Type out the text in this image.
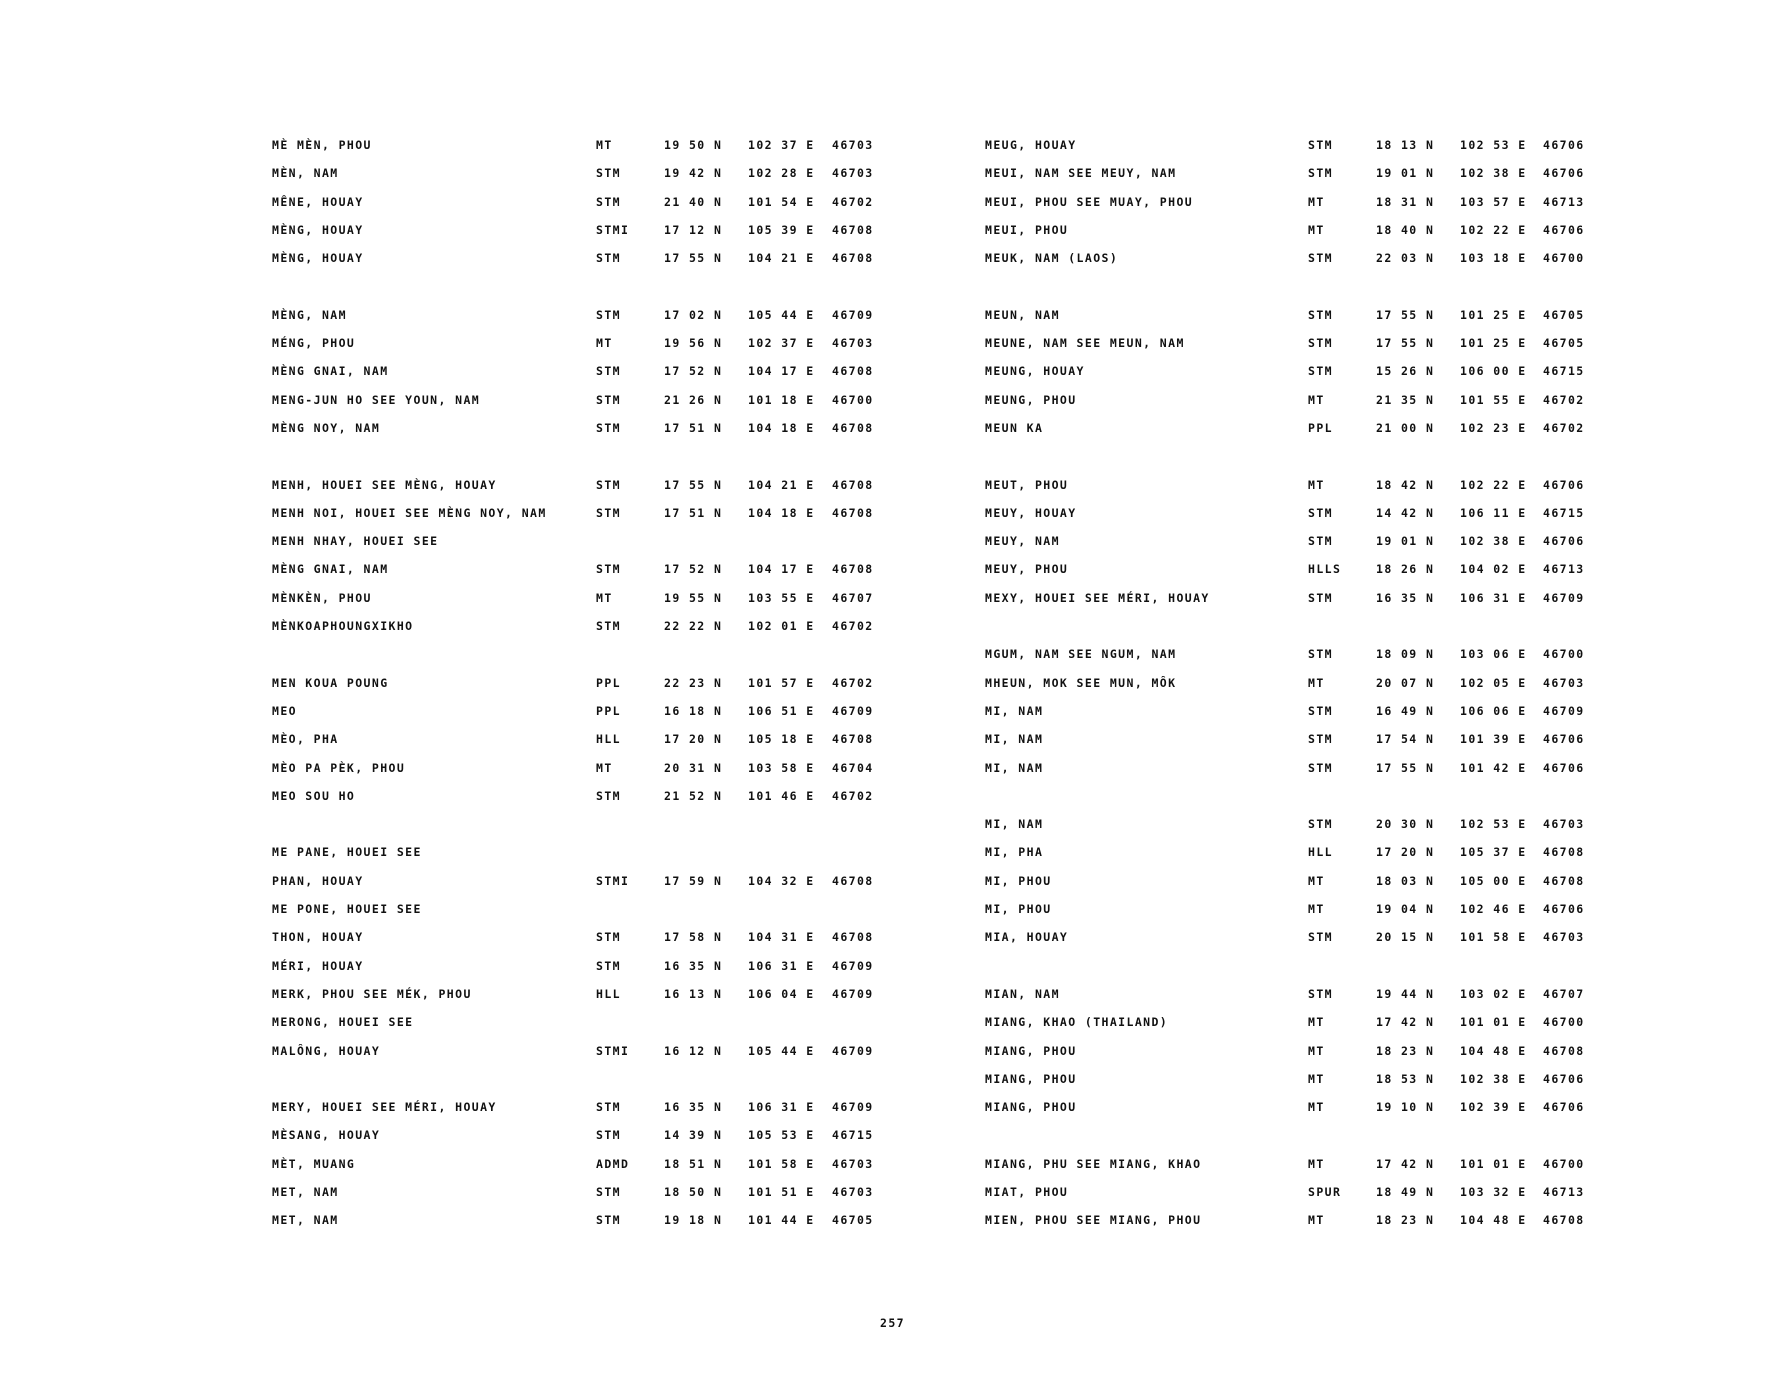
MÈ MÈN, PHOU	MT	19 50 N 102 37 E 46703
MÈN, NAM	STM	19 42 N 102 28 E 46703
MÊNE, HOUAY	STM	21 40 N 101 54 E 46702
MÈNG, HOUAY	STMI	17 12 N 105 39 E 46708
MÈNG, HOUAY	STM	17 55 N 104 21 E 46708
MÈNG, NAM	STM	17 02 N 105 44 E 46709
MÉNG, PHOU	MT	19 56 N 102 37 E 46703
MÈNG GNAI, NAM	STM	17 52 N 104 17 E 46708
MENG-JUN HO SEE YOUN, NAM	STM	21 26 N 101 18 E 46700
MÈNG NOY, NAM	STM	17 51 N 104 18 E 46708
MENH, HOUEI SEE MÈNG, HOUAY	STM	17 55 N 104 21 E 46708
MENH NOI, HOUEI SEE MÈNG NOY, NAM	STM	17 51 N 104 18 E 46708
MENH NHAY, HOUEI SEE
MÈNG GNAI, NAM	STM	17 52 N 104 17 E 46708
MÈNKÈN, PHOU	MT	19 55 N 103 55 E 46707
MÈNKOAPHOUNGXIKHO	STM	22 22 N 102 01 E 46702
MEN KOUA POUNG	PPL	22 23 N 101 57 E 46702
MEO	PPL	16 18 N 106 51 E 46709
MÈO, PHA	HLL	17 20 N 105 18 E 46708
MÈO PA PÈK, PHOU	MT	20 31 N 103 58 E 46704
MEO SOU HO	STM	21 52 N 101 46 E 46702
ME PANE, HOUEI SEE
PHAN, HOUAY	STMI	17 59 N 104 32 E 46708
ME PONE, HOUEI SEE
THON, HOUAY	STM	17 58 N 104 31 E 46708
MÉRI, HOUAY	STM	16 35 N 106 31 E 46709
MERK, PHOU SEE MÉK, PHOU	HLL	16 13 N 106 04 E 46709
MERONG, HOUEI SEE
MALÔNG, HOUAY	STMI	16 12 N 105 44 E 46709
MERY, HOUEI SEE MÉRI, HOUAY	STM	16 35 N 106 31 E 46709
MÈSANG, HOUAY	STM	14 39 N 105 53 E 46715
MÈT, MUANG	ADMD	18 51 N 101 58 E 46703
MET, NAM	STM	18 50 N 101 51 E 46703
MET, NAM	STM	19 18 N 101 44 E 46705
MEUG, HOUAY	STM	18 13 N 102 53 E 46706
MEUI, NAM SEE MEUY, NAM	STM	19 01 N 102 38 E 46706
MEUI, PHOU SEE MUAY, PHOU	MT	18 31 N 103 57 E 46713
MEUI, PHOU	MT	18 40 N 102 22 E 46706
MEUK, NAM (LAOS)	STM	22 03 N 103 18 E 46700
MEUN, NAM	STM	17 55 N 101 25 E 46705
MEUNE, NAM SEE MEUN, NAM	STM	17 55 N 101 25 E 46705
MEUNG, HOUAY	STM	15 26 N 106 00 E 46715
MEUNG, PHOU	MT	21 35 N 101 55 E 46702
MEUN KA	PPL	21 00 N 102 23 E 46702
MEUT, PHOU	MT	18 42 N 102 22 E 46706
MEUY, HOUAY	STM	14 42 N 106 11 E 46715
MEUY, NAM	STM	19 01 N 102 38 E 46706
MEUY, PHOU	HLLS	18 26 N 104 02 E 46713
MEXY, HOUEI SEE MÉRI, HOUAY	STM	16 35 N 106 31 E 46709
MGUM, NAM SEE NGUM, NAM	STM	18 09 N 103 06 E 46700
MHEUN, MOK SEE MUN, MÔK	MT	20 07 N 102 05 E 46703
MI, NAM	STM	16 49 N 106 06 E 46709
MI, NAM	STM	17 54 N 101 39 E 46706
MI, NAM	STM	17 55 N 101 42 E 46706
MI, NAM	STM	20 30 N 102 53 E 46703
MI, PHA	HLL	17 20 N 105 37 E 46708
MI, PHOU	MT	18 03 N 105 00 E 46708
MI, PHOU	MT	19 04 N 102 46 E 46706
MIA, HOUAY	STM	20 15 N 101 58 E 46703
MIAN, NAM	STM	19 44 N 103 02 E 46707
MIANG, KHAO (THAILAND)	MT	17 42 N 101 01 E 46700
MIANG, PHOU	MT	18 23 N 104 48 E 46708
MIANG, PHOU	MT	18 53 N 102 38 E 46706
MIANG, PHOU	MT	19 10 N 102 39 E 46706
MIANG, PHU SEE MIANG, KHAO	MT	17 42 N 101 01 E 46700
MIAT, PHOU	SPUR	18 49 N 103 32 E 46713
MIEN, PHOU SEE MIANG, PHOU	MT	18 23 N 104 48 E 46708
257
